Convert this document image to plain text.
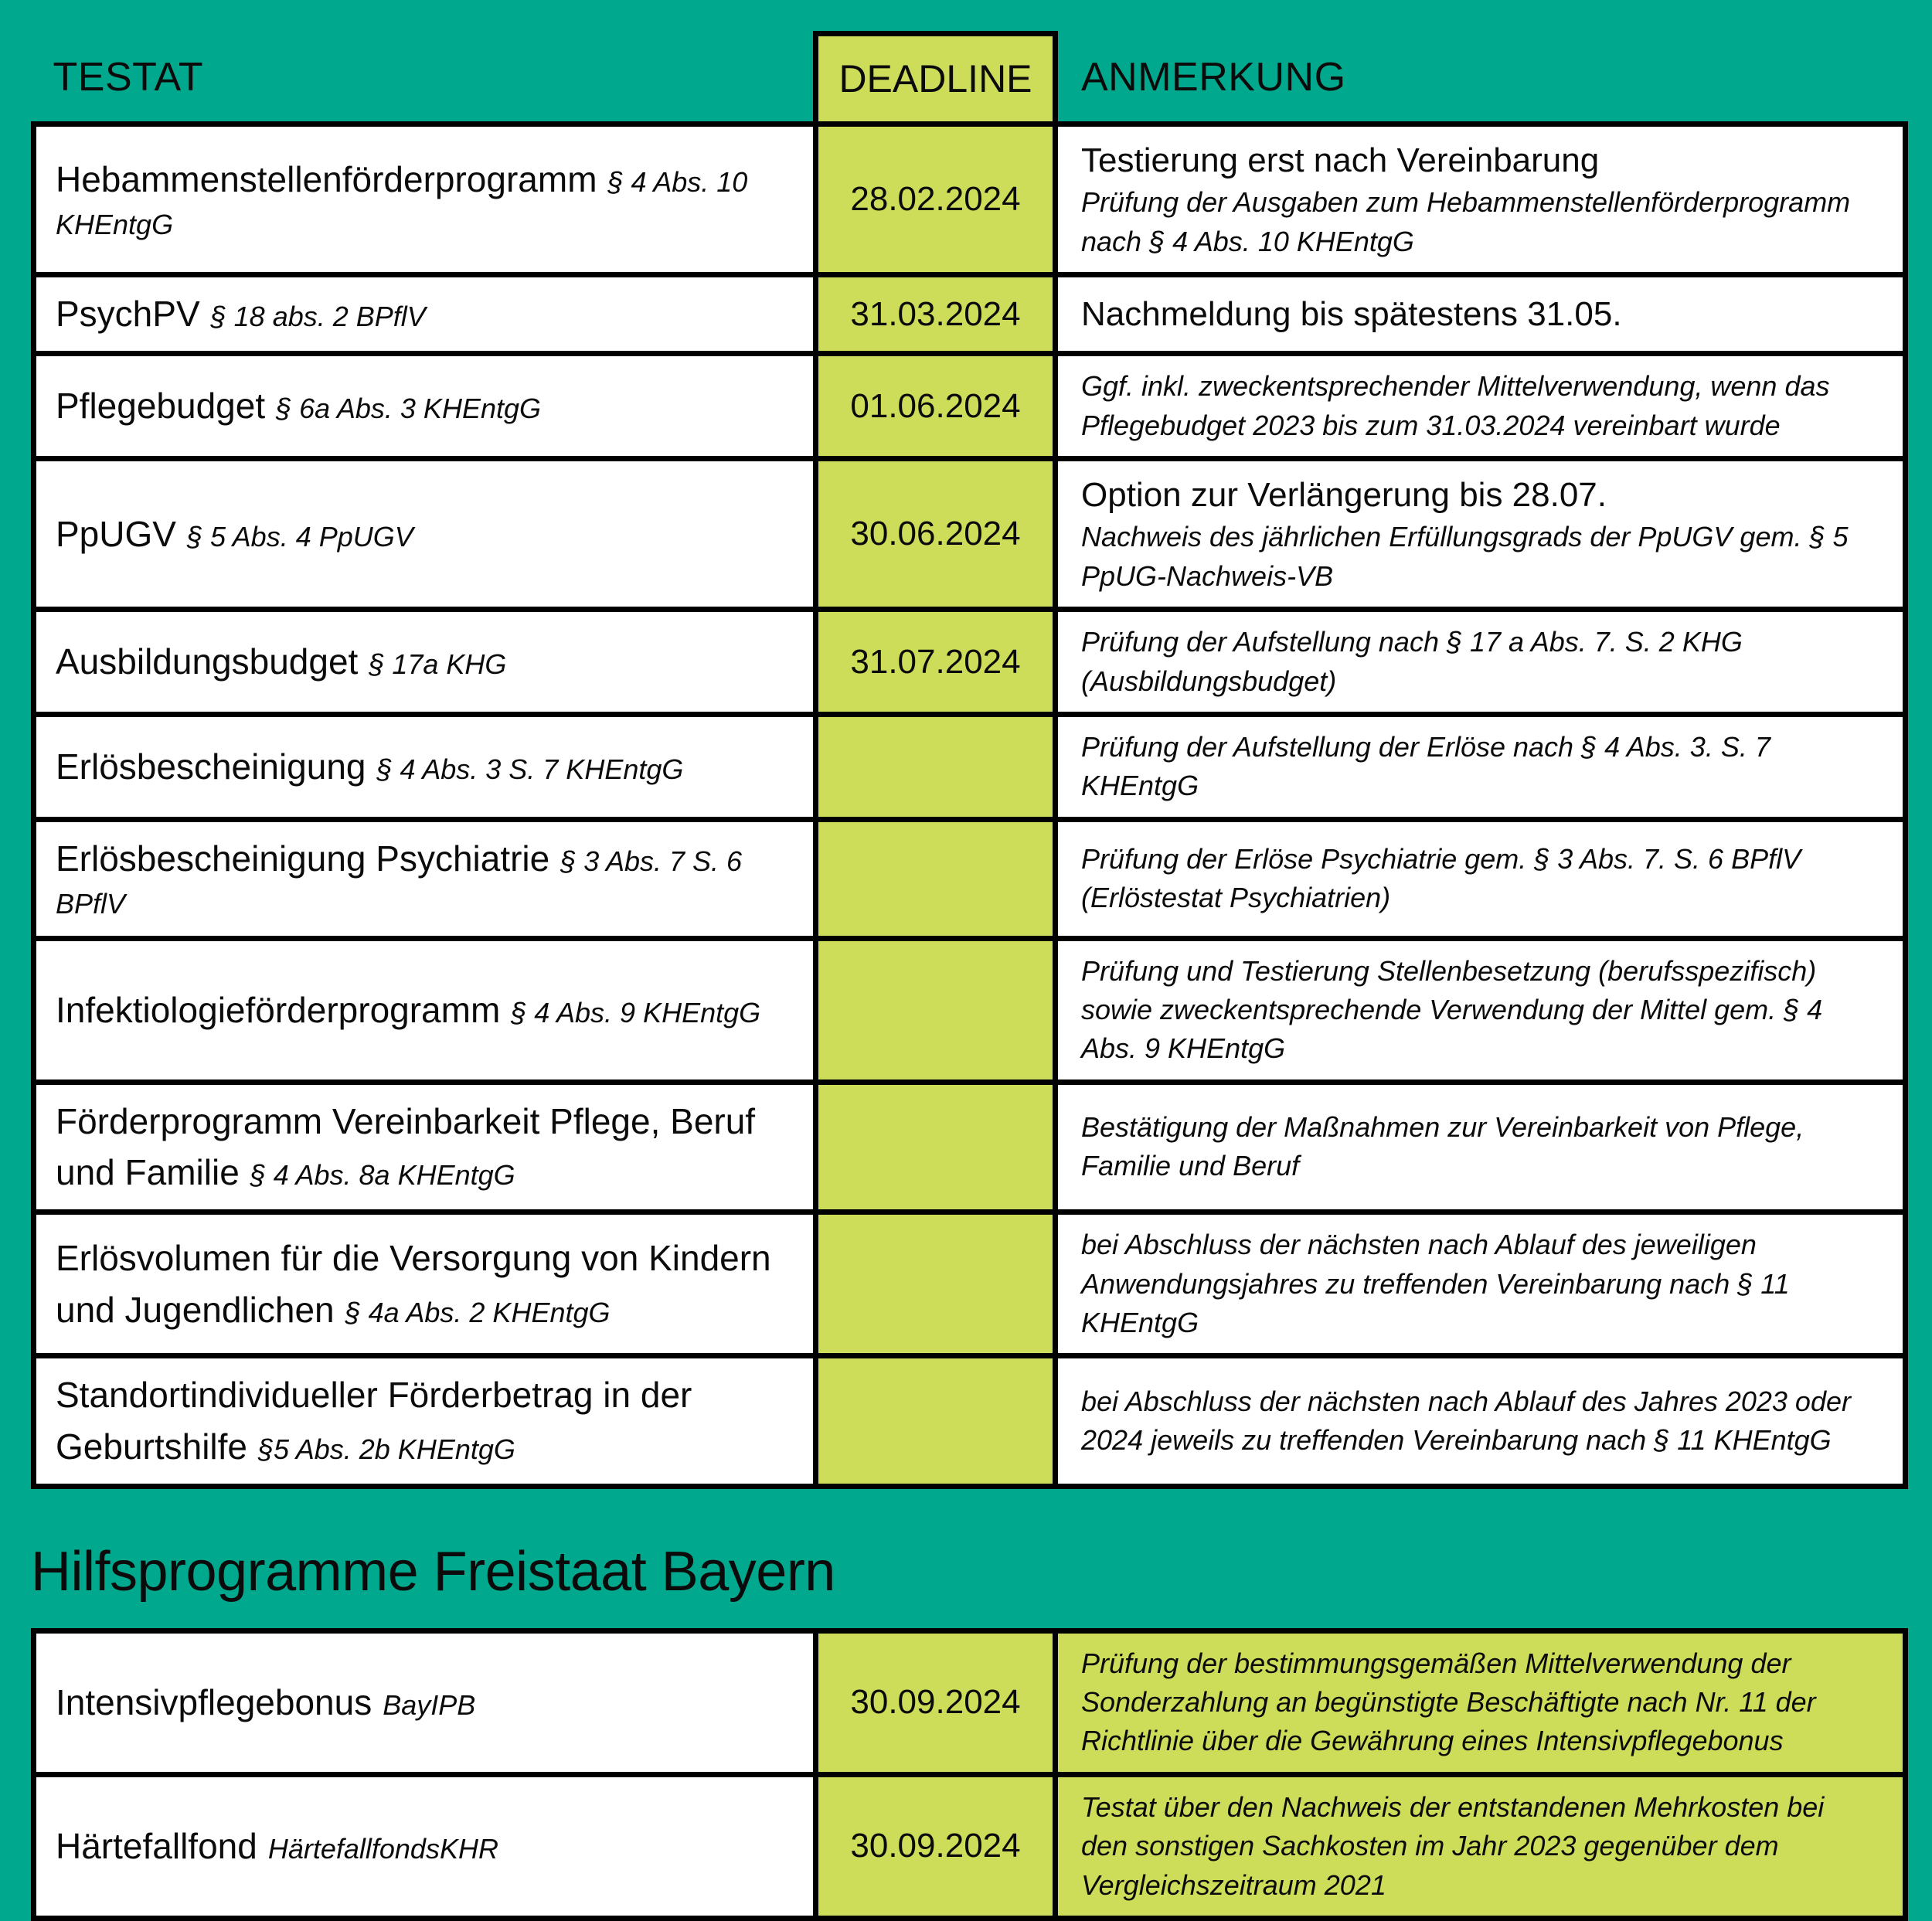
TESTAT	DEADLINE	ANMERKUNG
Hebammenstellenförderprogramm § 4 Abs. 10 KHEntgG	28.02.2024	Testierung erst nach Vereinbarung
Prüfung der Ausgaben zum Hebammenstellenförderprogramm nach § 4 Abs. 10 KHEntgG

PsychPV § 18 abs. 2 BPflV	31.03.2024	Nachmeldung bis spätestens 31.05.

Pflegebudget § 6a Abs. 3 KHEntgG	01.06.2024	Ggf. inkl. zweckentsprechender Mittelverwendung, wenn das Pflegebudget 2023 bis zum 31.03.2024 vereinbart wurde

PpUGV § 5 Abs. 4 PpUGV	30.06.2024	Option zur Verlängerung bis 28.07.
Nachweis des jährlichen Erfüllungsgrads der PpUGV gem. § 5 PpUG-Nachweis-VB

Ausbildungsbudget § 17a KHG	31.07.2024	Prüfung der Aufstellung nach § 17 a Abs. 7. S. 2 KHG (Ausbildungsbudget)

Erlösbescheinigung § 4 Abs. 3 S. 7 KHEntgG		Prüfung der Aufstellung der Erlöse nach § 4 Abs. 3. S. 7 KHEntgG

Erlösbescheinigung Psychiatrie § 3 Abs. 7 S. 6 BPflV		Prüfung der Erlöse Psychiatrie gem. § 3 Abs. 7. S. 6 BPflV (Erlöstestat Psychiatrien)

Infektiologieförderprogramm § 4 Abs. 9 KHEntgG		Prüfung und Testierung Stellenbesetzung (berufsspezifisch) sowie zweckentsprechende Verwendung der Mittel gem. § 4 Abs. 9 KHEntgG

Förderprogramm Vereinbarkeit Pflege, Beruf und Familie § 4 Abs. 8a KHEntgG		Bestätigung der Maßnahmen zur Vereinbarkeit von Pflege, Familie und Beruf

Erlösvolumen für die Versorgung von Kindern und Jugendlichen § 4a Abs. 2 KHEntgG		bei Abschluss der nächsten nach Ablauf des jeweiligen Anwendungsjahres zu treffenden Vereinbarung nach § 11 KHEntgG

Standortindividueller Förderbetrag in der Geburtshilfe §5 Abs. 2b KHEntgG		bei Abschluss der nächsten nach Ablauf des Jahres 2023 oder 2024 jeweils zu treffenden Vereinbarung nach § 11 KHEntgG
Hilfsprogramme Freistaat Bayern
Intensivpflegebonus BayIPB	30.09.2024	Prüfung der bestimmungsgemäßen Mittelverwendung der Sonderzahlung an begünstigte Beschäftigte nach Nr. 11 der Richtlinie über die Gewährung eines Intensivpflegebonus

Härtefallfond HärtefallfondsKHR	30.09.2024	Testat über den Nachweis der entstandenen Mehrkosten bei den sonstigen Sachkosten im Jahr 2023 gegenüber dem Vergleichszeitraum 2021
